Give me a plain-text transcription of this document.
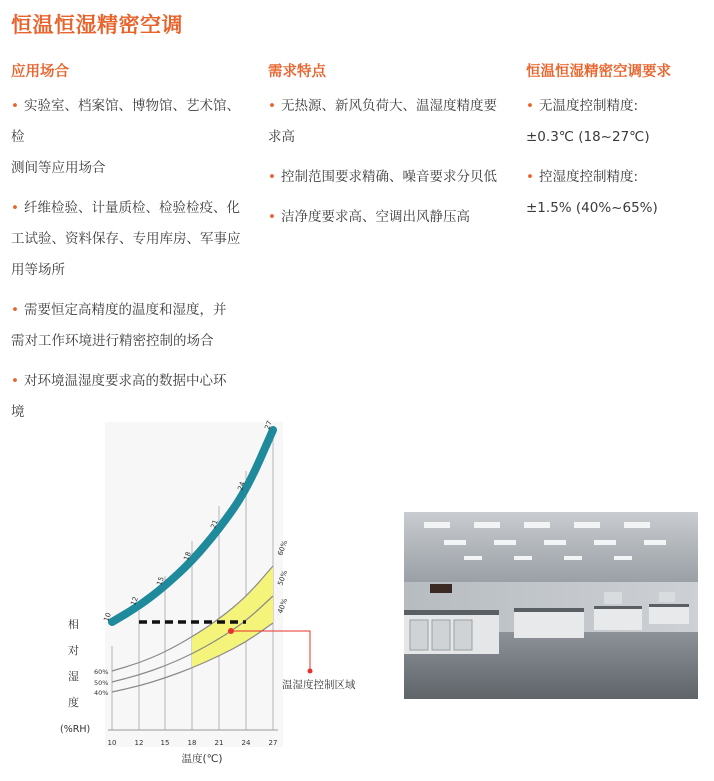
恒温恒湿精密空调
应用场合
• 实验室、档案馆、博物馆、艺术馆、检
测间等应用场合
• 纤维检验、计量质检、检验检疫、化
工试验、资料保存、专用库房、军事应
用等场所
• 需要恒定高精度的温度和湿度，并
需对工作环境进行精密控制的场合
• 对环境温湿度要求高的数据中心环
境
需求特点
• 无热源、新风负荷大、温湿度精度要
求高
• 控制范围要求精确、噪音要求分贝低
• 洁净度要求高、空调出风静压高
恒温恒湿精密空调要求
• 无温度控制精度:
±0.3℃ (18~27℃)
• 控湿度控制精度:
±1.5% (40%~65%)
10	12 15	18	21	24	27
10
12
15
18
21
24
27
60%
50%
40%
60%
50%
40%
相
对
湿
度
(%RH)
温度(℃)
温湿度控制区域
